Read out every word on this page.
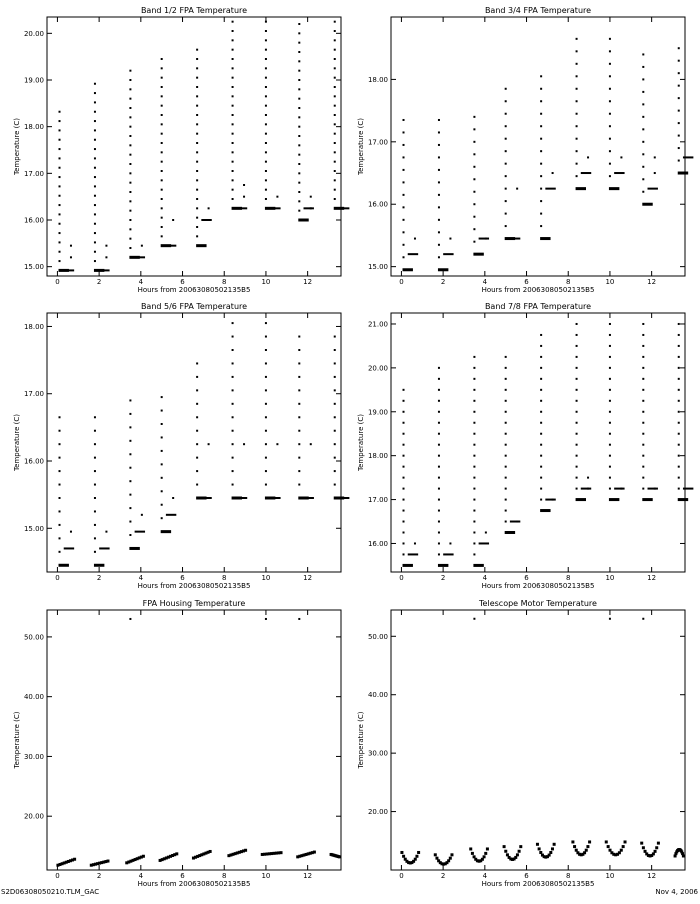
Band 1/2 FPA Temperature
Hours from 20063080502135B5
Temperature (C)
0	2	4	6	8	10	12
15.00
16.00
17.00
18.00
19.00
20.00
Band 3/4 FPA Temperature
Hours from 20063080502135B5
Temperature (C)
0	2	4	6	8	10	12
15.00
16.00
17.00
18.00
Band 5/6 FPA Temperature
Hours from 20063080502135B5
Temperature (C)
0	2	4	6	8	10	12
15.00
16.00
17.00
18.00
Band 7/8 FPA Temperature
Hours from 20063080502135B5
Temperature (C)
0	2	4	6	8	10	12
16.00
17.00
18.00
19.00
20.00
21.00
FPA Housing Temperature
Hours from 20063080502135B5
Temperature (C)
0	2	4	6	8	10	12
20.00
30.00
40.00
50.00
Telescope Motor Temperature
Hours from 20063080502135B5
Temperature (C)
0	2	4	6	8	10	12
20.00
30.00
40.00
50.00
S2D06308050210.TLM_GAC	Nov 4, 2006
